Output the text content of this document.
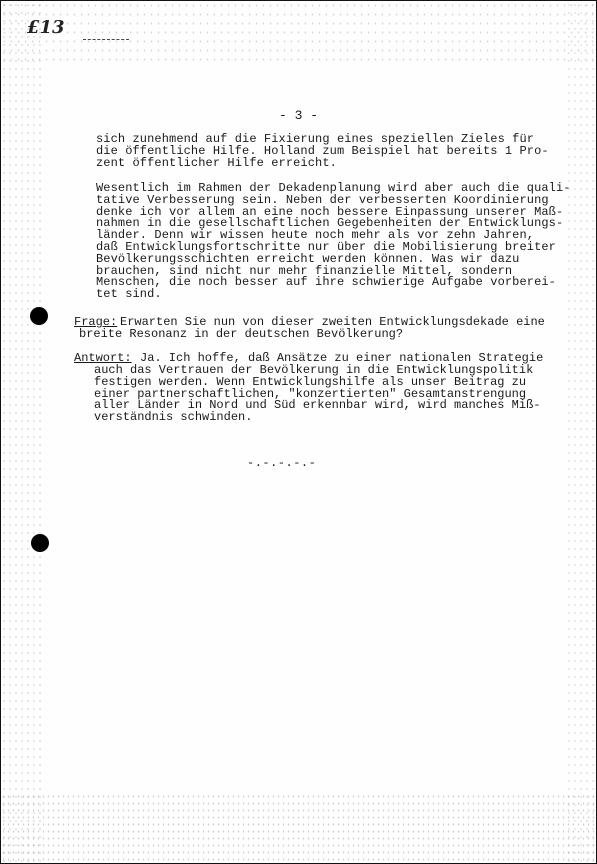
£13
- 3 -
sich zunehmend auf die Fixierung eines speziellen Zieles für
die öffentliche Hilfe. Holland zum Beispiel hat bereits 1 Pro-
zent öffentlicher Hilfe erreicht.
Wesentlich im Rahmen der Dekadenplanung wird aber auch die quali-
tative Verbesserung sein. Neben der verbesserten Koordinierung
denke ich vor allem an eine noch bessere Einpassung unserer Maß-
nahmen in die gesellschaftlichen Gegebenheiten der Entwicklungs-
länder. Denn wir wissen heute noch mehr als vor zehn Jahren,
daß Entwicklungsfortschritte nur über die Mobilisierung breiter
Bevölkerungsschichten erreicht werden können. Was wir dazu
brauchen, sind nicht nur mehr finanzielle Mittel, sondern
Menschen, die noch besser auf ihre schwierige Aufgabe vorberei-
tet sind.
Frage: Erwarten Sie nun von dieser zweiten Entwicklungsdekade eine
breite Resonanz in der deutschen Bevölkerung?
Antwort: Ja. Ich hoffe, daß Ansätze zu einer nationalen Strategie
auch das Vertrauen der Bevölkerung in die Entwicklungspolitik
festigen werden. Wenn Entwicklungshilfe als unser Beitrag zu
einer partnerschaftlichen, "konzertierten" Gesamtanstrengung
aller Länder in Nord und Süd erkennbar wird, wird manches Miß-
verständnis schwinden.
-.-.-.-.-
